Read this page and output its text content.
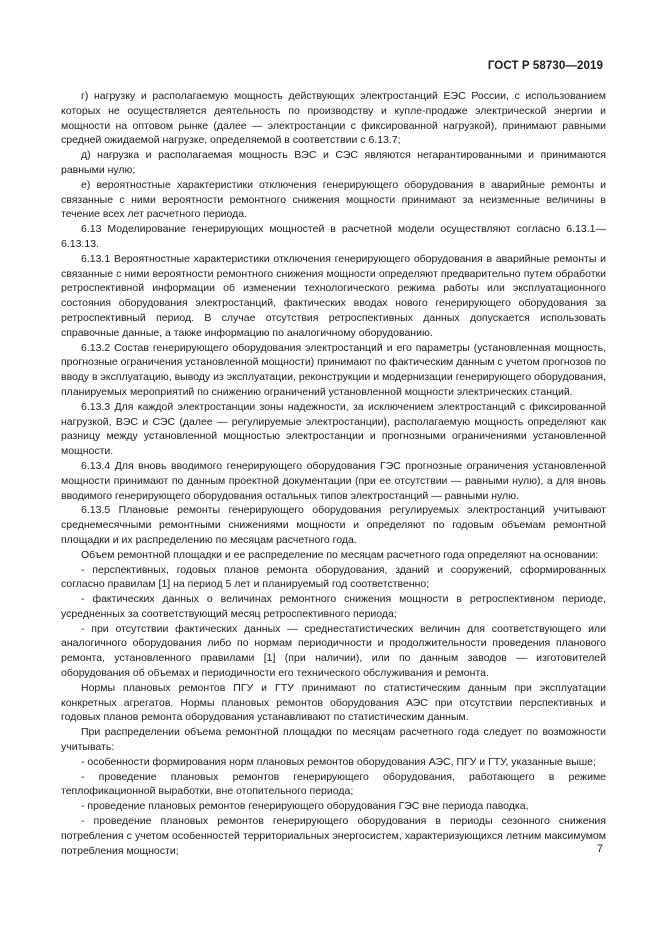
ГОСТ Р 58730—2019

г) нагрузку и располагаемую мощность действующих электростанций ЕЭС России, с использованием которых не осуществляется деятельность по производству и купле-продаже электрической энергии и мощности на оптовом рынке (далее — электростанции с фиксированной нагрузкой), принимают равными средней ожидаемой нагрузке, определяемой в соответствии с 6.13.7;

д) нагрузка и располагаемая мощность ВЭС и СЭС являются негарантированными и принимаются равными нулю;

е) вероятностные характеристики отключения генерирующего оборудования в аварийные ремонты и связанные с ними вероятности ремонтного снижения мощности принимают за неизменные величины в течение всех лет расчетного периода.

6.13 Моделирование генерирующих мощностей в расчетной модели осуществляют согласно 6.13.1—6.13.13.

6.13.1 Вероятностные характеристики отключения генерирующего оборудования в аварийные ремонты и связанные с ними вероятности ремонтного снижения мощности определяют предварительно путем обработки ретроспективной информации об изменении технологического режима работы или эксплуатационного состояния оборудования электростанций, фактических вводах нового генерирующего оборудования за ретроспективный период. В случае отсутствия ретроспективных данных допускается использовать справочные данные, а также информацию по аналогичному оборудованию.

6.13.2 Состав генерирующего оборудования электростанций и его параметры (установленная мощность, прогнозные ограничения установленной мощности) принимают по фактическим данным с учетом прогнозов по вводу в эксплуатацию, выводу из эксплуатации, реконструкции и модернизации генерирующего оборудования, планируемых мероприятий по снижению ограничений установленной мощности электрических станций.

6.13.3 Для каждой электростанции зоны надежности, за исключением электростанций с фиксированной нагрузкой, ВЭС и СЭС (далее — регулируемые электростанции), располагаемую мощность определяют как разницу между установленной мощностью электростанции и прогнозными ограничениями установленной мощности.

6.13.4 Для вновь вводимого генерирующего оборудования ГЭС прогнозные ограничения установленной мощности принимают по данным проектной документации (при ее отсутствии — равными нулю), а для вновь вводимого генерирующего оборудования остальных типов электростанций — равными нулю.

6.13.5 Плановые ремонты генерирующего оборудования регулируемых электростанций учитывают среднемесячными ремонтными снижениями мощности и определяют по годовым объемам ремонтной площадки и их распределению по месяцам расчетного года.

Объем ремонтной площадки и ее распределение по месяцам расчетного года определяют на основании:

- перспективных, годовых планов ремонта оборудования, зданий и сооружений, сформированных согласно правилам [1] на период 5 лет и планируемый год соответственно;

- фактических данных о величинах ремонтного снижения мощности в ретроспективном периоде, усредненных за соответствующий месяц ретроспективного периода;

- при отсутствии фактических данных — среднестатистических величин для соответствующего или аналогичного оборудования либо по нормам периодичности и продолжительности проведения планового ремонта, установленного правилами [1] (при наличии), или по данным заводов — изготовителей оборудования об объемах и периодичности его технического обслуживания и ремонта.

Нормы плановых ремонтов ПГУ и ГТУ принимают по статистическим данным при эксплуатации конкретных агрегатов. Нормы плановых ремонтов оборудования АЭС при отсутствии перспективных и годовых планов ремонта оборудования устанавливают по статистическим данным.

При распределении объема ремонтной площадки по месяцам расчетного года следует по возможности учитывать:

- особенности формирования норм плановых ремонтов оборудования АЭС, ПГУ и ГТУ, указанные выше;

- проведение плановых ремонтов генерирующего оборудования, работающего в режиме теплофикационной выработки, вне отопительного периода;

- проведение плановых ремонтов генерирующего оборудования ГЭС вне периода паводка,

- проведение плановых ремонтов генерирующего оборудования в периоды сезонного снижения потребления с учетом особенностей территориальных энергосистем, характеризующихся летним максимумом потребления мощности;	7
